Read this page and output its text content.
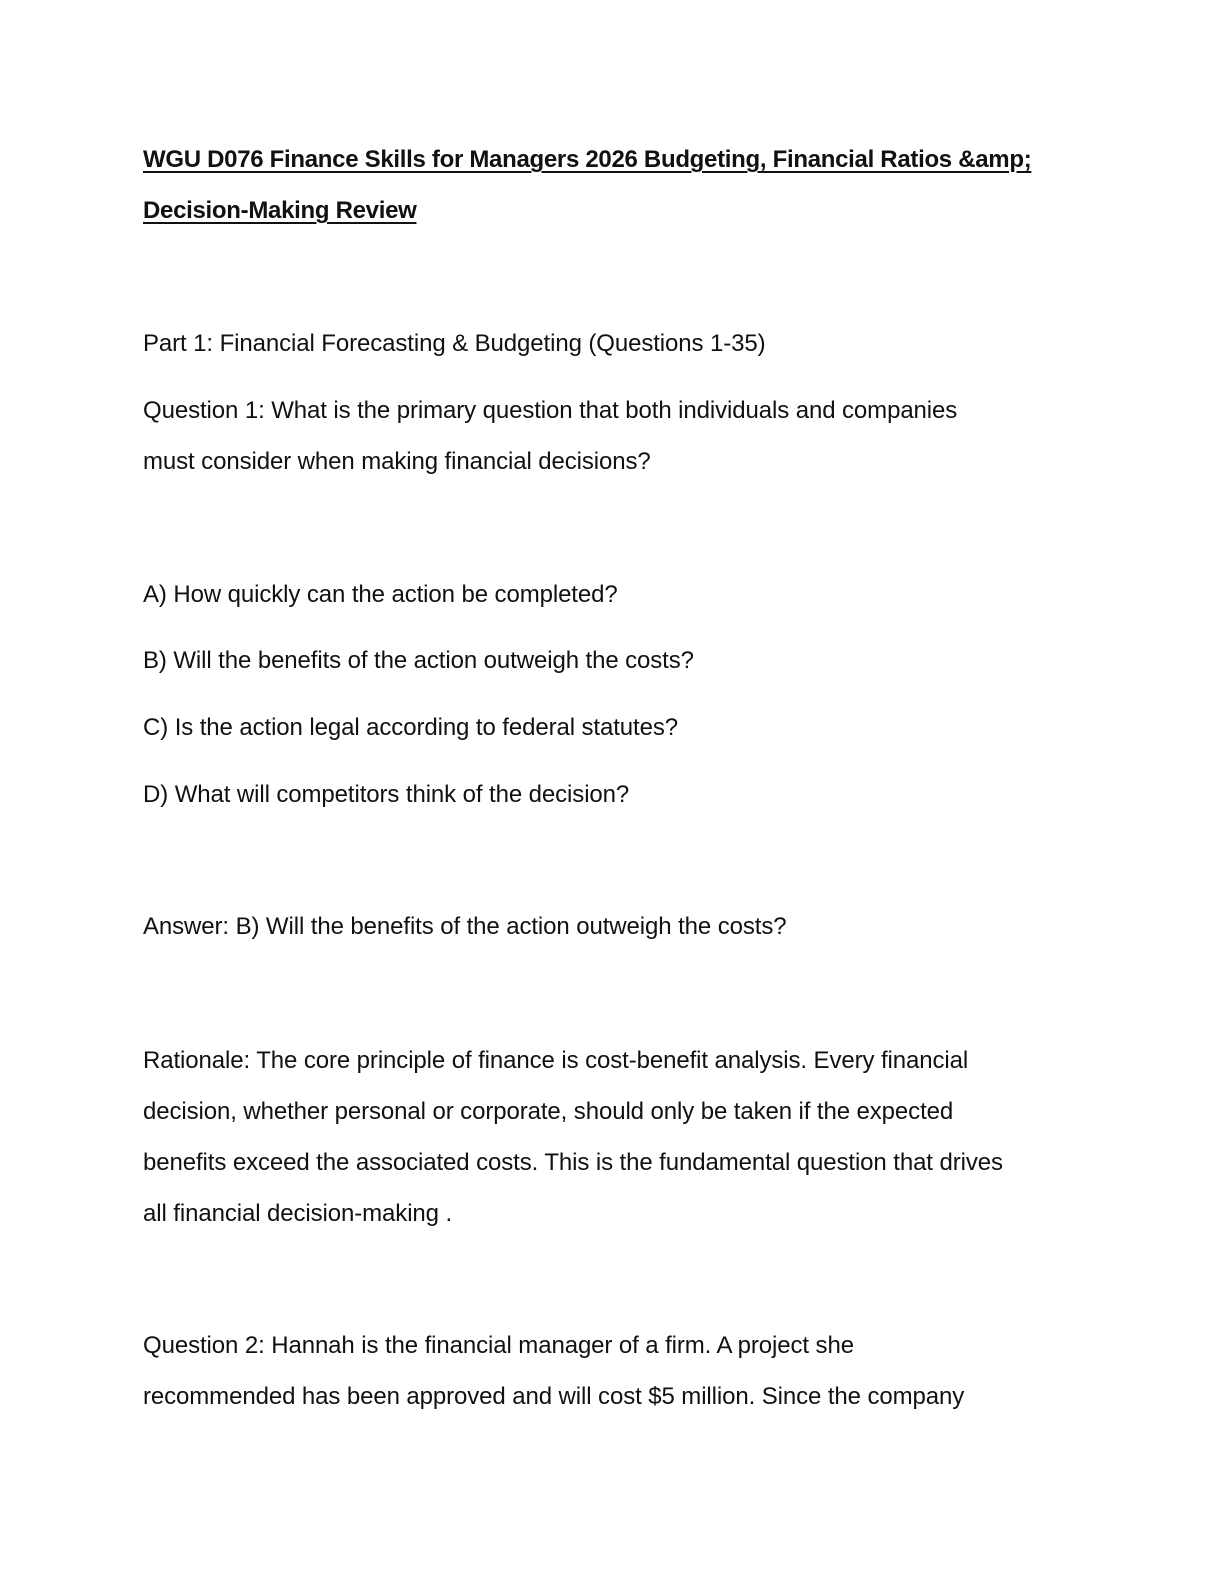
WGU D076 Finance Skills for Managers 2026 Budgeting, Financial Ratios &amp;
Decision-Making Review
Part 1: Financial Forecasting & Budgeting (Questions 1-35)
Question 1: What is the primary question that both individuals and companies
must consider when making financial decisions?
A) How quickly can the action be completed?
B) Will the benefits of the action outweigh the costs?
C) Is the action legal according to federal statutes?
D) What will competitors think of the decision?
Answer: B) Will the benefits of the action outweigh the costs?
Rationale: The core principle of finance is cost-benefit analysis. Every financial
decision, whether personal or corporate, should only be taken if the expected
benefits exceed the associated costs. This is the fundamental question that drives
all financial decision-making .
Question 2: Hannah is the financial manager of a firm. A project she
recommended has been approved and will cost $5 million. Since the company
